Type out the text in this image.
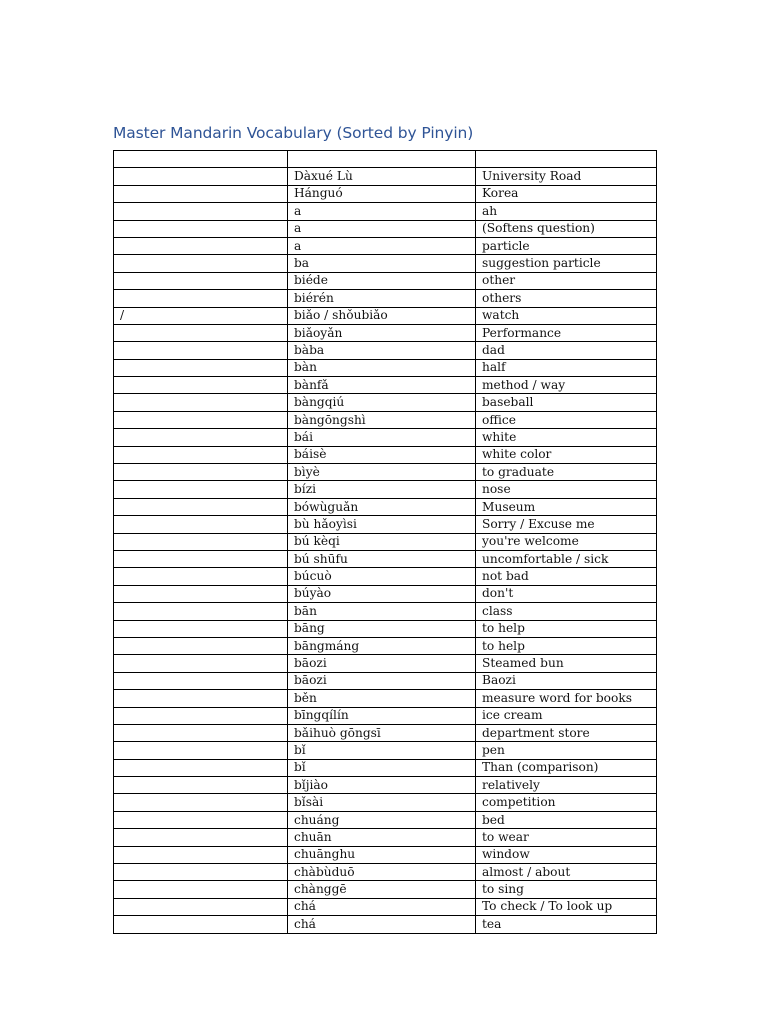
Master Mandarin Vocabulary (Sorted by Pinyin)

	Dàxué Lù	University Road
	Hánguó	Korea
	a	ah
	a	(Softens question)
	a	particle
	ba	suggestion particle
	biéde	other
	biérén	others
/	biǎo / shǒubiǎo	watch
	biǎoyǎn	Performance
	bàba	dad
	bàn	half
	bànfǎ	method / way
	bàngqiú	baseball
	bàngōngshì	office
	bái	white
	báisè	white color
	bìyè	to graduate
	bízi	nose
	bówùguǎn	Museum
	bù hǎoyìsi	Sorry / Excuse me
	bú kèqi	you're welcome
	bú shūfu	uncomfortable / sick
	búcuò	not bad
	búyào	don't
	bān	class
	bāng	to help
	bāngmáng	to help
	bāozi	Steamed bun
	bāozi	Baozi
	běn	measure word for books
	bīngqílín	ice cream
	bǎihuò gōngsī	department store
	bǐ	pen
	bǐ	Than (comparison)
	bǐjiào	relatively
	bǐsài	competition
	chuáng	bed
	chuān	to wear
	chuānghu	window
	chàbùduō	almost / about
	chànggē	to sing
	chá	To check / To look up
	chá	tea
